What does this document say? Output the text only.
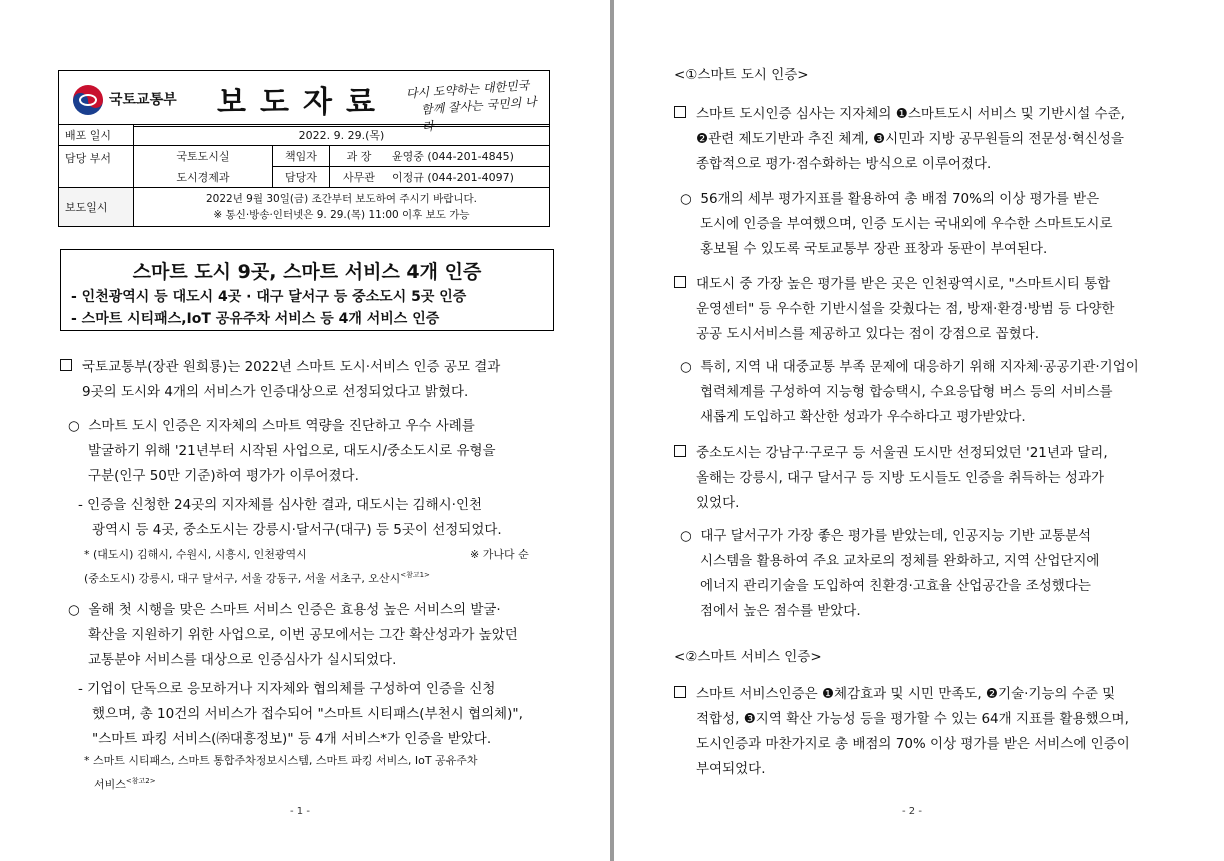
국토교통부 보도자료 다시 도약하는 대한민국
함께 잘사는 국민의 나라
배포 일시	2022. 9. 29.(목)			
담당 부서	국토도시실	책임자	과 장	윤영중 (044-201-4845)
	도시경제과	담당자	사무관	이정규 (044-201-4097)
보도일시	2022년 9월 30일(금) 조간부터 보도하여 주시기 바랍니다.
※ 통신·방송·인터넷은 9. 29.(목) 11:00 이후 보도 가능			
스마트 도시 9곳, 스마트 서비스 4개 인증
- 인천광역시 등 대도시 4곳 · 대구 달서구 등 중소도시 5곳 인증
- 스마트 시티패스,IoT 공유주차 서비스 등 4개 서비스 인증
국토교통부(장관 원희룡)는 2022년 스마트 도시·서비스 인증 공모 결과
9곳의 도시와 4개의 서비스가 인증대상으로 선정되었다고 밝혔다.
○  스마트 도시 인증은 지자체의 스마트 역량을 진단하고 우수 사례를
발굴하기 위해 '21년부터 시작된 사업으로, 대도시/중소도시로 유형을
구분(인구 50만 기준)하여 평가가 이루어졌다.
- 인증을 신청한 24곳의 지자체를 심사한 결과, 대도시는 김해시·인천
광역시 등 4곳, 중소도시는 강릉시·달서구(대구) 등 5곳이 선정되었다.
* (대도시) 김해시, 수원시, 시흥시, 인천광역시	※ 가나다 순
(중소도시) 강릉시, 대구 달서구, 서울 강동구, 서울 서초구, 오산시$^{<참고1>}$
○  올해 첫 시행을 맞은 스마트 서비스 인증은 효용성 높은 서비스의 발굴·
확산을 지원하기 위한 사업으로, 이번 공모에서는 그간 확산성과가 높았던
교통분야 서비스를 대상으로 인증심사가 실시되었다.
- 기업이 단독으로 응모하거나 지자체와 협의체를 구성하여 인증을 신청
했으며, 총 10건의 서비스가 접수되어 "스마트 시티패스(부천시 협의체)",
"스마트 파킹 서비스(㈜대흥정보)" 등 4개 서비스*가 인증을 받았다.
* 스마트 시티패스, 스마트 통합주차정보시스템, 스마트 파킹 서비스, IoT 공유주차
서비스$^{<참고2>}$
- 1 -
<①스마트 도시 인증>
스마트 도시인증 심사는 지자체의 ❶스마트도시 서비스 및 기반시설 수준,
❷관련 제도기반과 추진 체계, ❸시민과 지방 공무원들의 전문성·혁신성을
종합적으로 평가·점수화하는 방식으로 이루어졌다.
○  56개의 세부 평가지표를 활용하여 총 배점 70%의 이상 평가를 받은
도시에 인증을 부여했으며, 인증 도시는 국내외에 우수한 스마트도시로
홍보될 수 있도록 국토교통부 장관 표창과 동판이 부여된다.
대도시 중 가장 높은 평가를 받은 곳은 인천광역시로, "스마트시티 통합
운영센터" 등 우수한 기반시설을 갖췄다는 점, 방재·환경·방범 등 다양한
공공 도시서비스를 제공하고 있다는 점이 강점으로 꼽혔다.
○  특히, 지역 내 대중교통 부족 문제에 대응하기 위해 지자체·공공기관·기업이
협력체계를 구성하여 지능형 합승택시, 수요응답형 버스 등의 서비스를
새롭게 도입하고 확산한 성과가 우수하다고 평가받았다.
중소도시는 강남구·구로구 등 서울권 도시만 선정되었던 '21년과 달리,
올해는 강릉시, 대구 달서구 등 지방 도시들도 인증을 취득하는 성과가
있었다.
○  대구 달서구가 가장 좋은 평가를 받았는데, 인공지능 기반 교통분석
시스템을 활용하여 주요 교차로의 정체를 완화하고, 지역 산업단지에
에너지 관리기술을 도입하여 친환경·고효율 산업공간을 조성했다는
점에서 높은 점수를 받았다.
<②스마트 서비스 인증>
스마트 서비스인증은 ❶체감효과 및 시민 만족도, ❷기술·기능의 수준 및
적합성, ❸지역 확산 가능성 등을 평가할 수 있는 64개 지표를 활용했으며,
도시인증과 마찬가지로 총 배점의 70% 이상 평가를 받은 서비스에 인증이
부여되었다.
- 2 -
